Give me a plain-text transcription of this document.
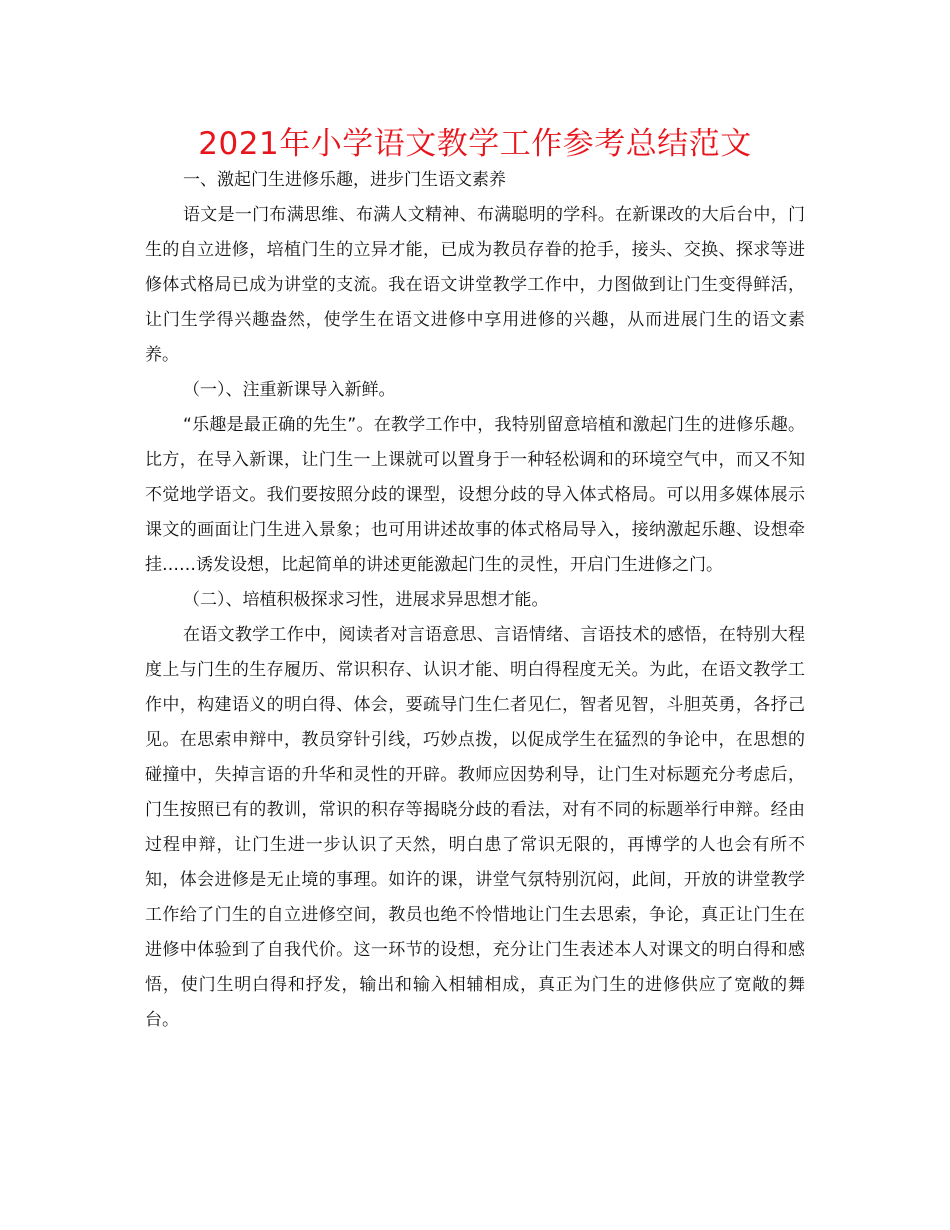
2021年小学语文教学工作参考总结范文

一、激起门生进修乐趣，进步门生语文素养

语文是一门布满思维、布满人文精神、布满聪明的学科。在新课改的大后台中，门生的自立进修，培植门生的立异才能，已成为教员存眷的抢手，接头、交换、探求等进修体式格局已成为讲堂的支流。我在语文讲堂教学工作中，力图做到让门生变得鲜活，让门生学得兴趣盎然，使学生在语文进修中享用进修的兴趣，从而进展门生的语文素养。

（一）、注重新课导入新鲜。

“乐趣是最正确的先生”。在教学工作中，我特别留意培植和激起门生的进修乐趣。比方，在导入新课，让门生一上课就可以置身于一种轻松调和的环境空气中，而又不知不觉地学语文。我们要按照分歧的课型，设想分歧的导入体式格局。可以用多媒体展示课文的画面让门生进入景象；也可用讲述故事的体式格局导入，接纳激起乐趣、设想牵挂……诱发设想，比起简单的讲述更能激起门生的灵性，开启门生进修之门。

（二）、培植积极探求习性，进展求异思想才能。

在语文教学工作中，阅读者对言语意思、言语情绪、言语技术的感悟，在特别大程度上与门生的生存履历、常识积存、认识才能、明白得程度无关。为此，在语文教学工作中，构建语义的明白得、体会，要疏导门生仁者见仁，智者见智，斗胆英勇，各抒己见。在思索申辩中，教员穿针引线，巧妙点拨，以促成学生在猛烈的争论中，在思想的碰撞中，失掉言语的升华和灵性的开辟。教师应因势利导，让门生对标题充分考虑后，门生按照已有的教训，常识的积存等揭晓分歧的看法，对有不同的标题举行申辩。经由过程申辩，让门生进一步认识了天然，明白患了常识无限的，再博学的人也会有所不知，体会进修是无止境的事理。如许的课，讲堂气氛特别沉闷，此间，开放的讲堂教学工作给了门生的自立进修空间，教员也绝不怜惜地让门生去思索，争论，真正让门生在进修中体验到了自我代价。这一环节的设想，充分让门生表述本人对课文的明白得和感悟，使门生明白得和抒发，输出和输入相辅相成，真正为门生的进修供应了宽敞的舞台。
